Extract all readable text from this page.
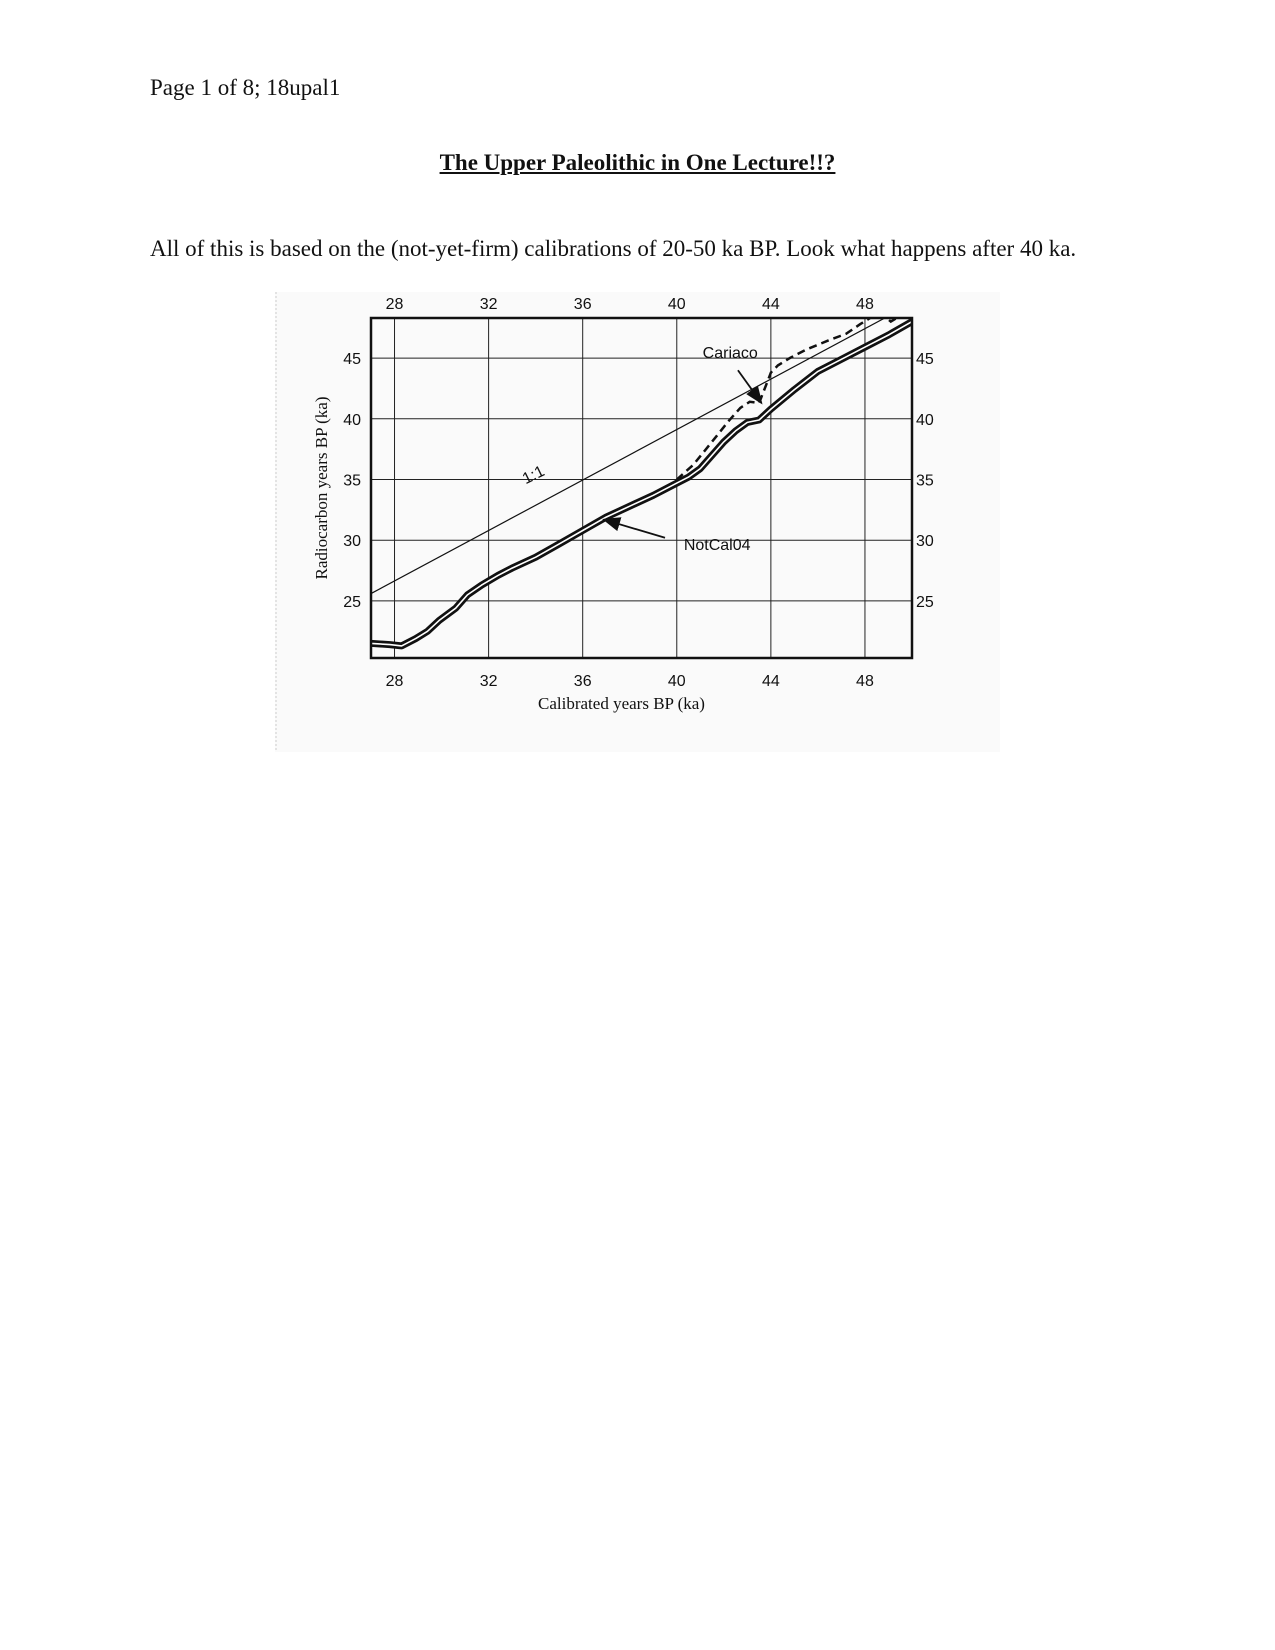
Page 1 of 8; 18upal1
The Upper Paleolithic in One Lecture!!?
All of this is based on the (not-yet-firm) calibrations of 20-50 ka BP. Look what happens after 40 ka.
28
28
32
32
36
36
40
40
44
44
48
48
25	25
30	30
35	35
40	40
45	45
Cariaco
NotCal04
1:1
Radiocarbon years BP (ka)
Calibrated years BP (ka)
